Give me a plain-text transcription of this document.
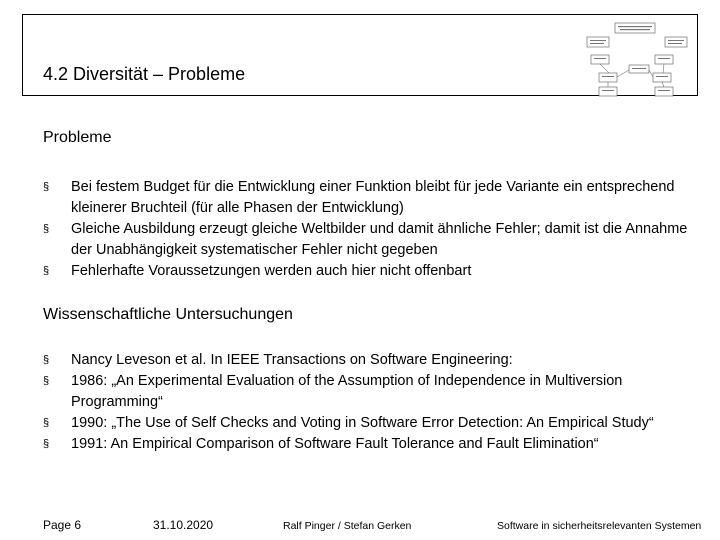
4.2 Diversität – Probleme
Probleme
§ Bei festem Budget für die Entwicklung einer Funktion bleibt für jede Variante ein entsprechend kleinerer Bruchteil (für alle Phasen der Entwicklung)
§ Gleiche Ausbildung erzeugt gleiche Weltbilder und damit ähnliche Fehler; damit ist die Annahme der Unabhängigkeit systematischer Fehler nicht gegeben
§ Fehlerhafte Voraussetzungen werden auch hier nicht offenbart
Wissenschaftliche Untersuchungen
§ Nancy Leveson et al. In IEEE Transactions on Software Engineering:
§ 1986: „An Experimental Evaluation of the Assumption of Independence in Multiversion Programming“
§ 1990: „The Use of Self Checks and Voting in Software Error Detection: An Empirical Study“
§ 1991: An Empirical Comparison of Software Fault Tolerance and Fault Elimination“
Page 6	31.10.2020	Ralf Pinger / Stefan Gerken	Software in sicherheitsrelevanten Systemen
